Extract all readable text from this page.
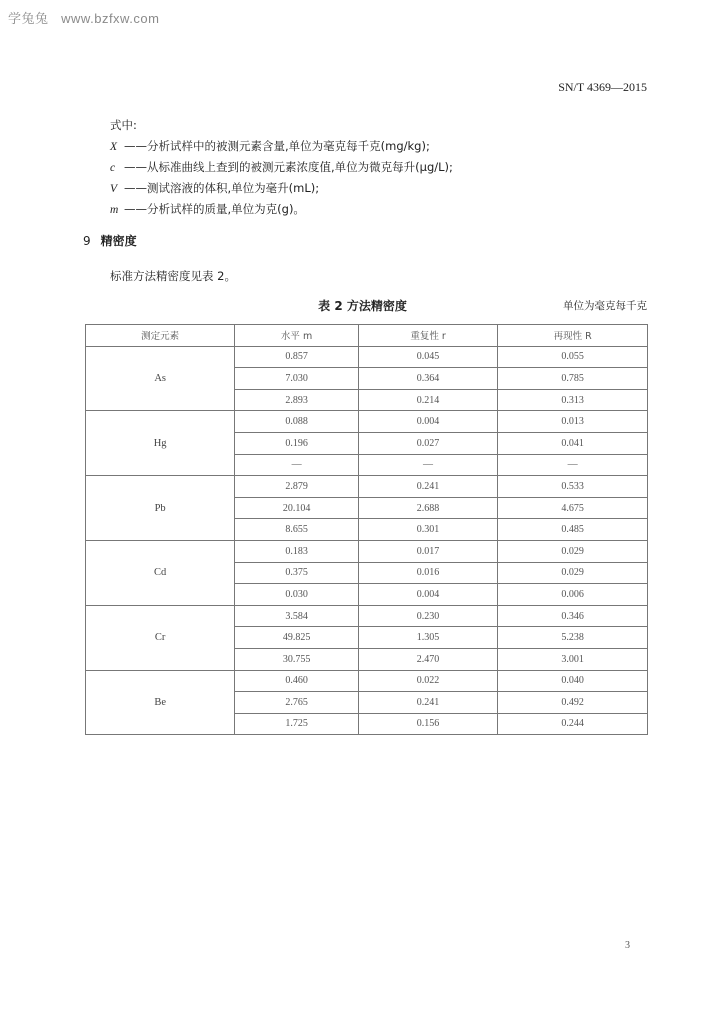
学兔兔 www.bzfxw.com
SN/T 4369—2015
式中:
X ——分析试样中的被测元素含量,单位为毫克每千克(mg/kg);
c ——从标准曲线上查到的被测元素浓度值,单位为微克每升(μg/L);
V ——测试溶液的体积,单位为毫升(mL);
m ——分析试样的质量,单位为克(g)。
9 精密度
标准方法精密度见表 2。
表 2 方法精密度	单位为毫克每千克
测定元素	水平 m	重复性 r	再现性 R
As	0.857	0.045	0.055
	7.030	0.364	0.785
	2.893	0.214	0.313
Hg	0.088	0.004	0.013
	0.196	0.027	0.041
	—	—	—
Pb	2.879	0.241	0.533
	20.104	2.688	4.675
	8.655	0.301	0.485
Cd	0.183	0.017	0.029
	0.375	0.016	0.029
	0.030	0.004	0.006
Cr	3.584	0.230	0.346
	49.825	1.305	5.238
	30.755	2.470	3.001
Be	0.460	0.022	0.040
	2.765	0.241	0.492
	1.725	0.156	0.244
3
